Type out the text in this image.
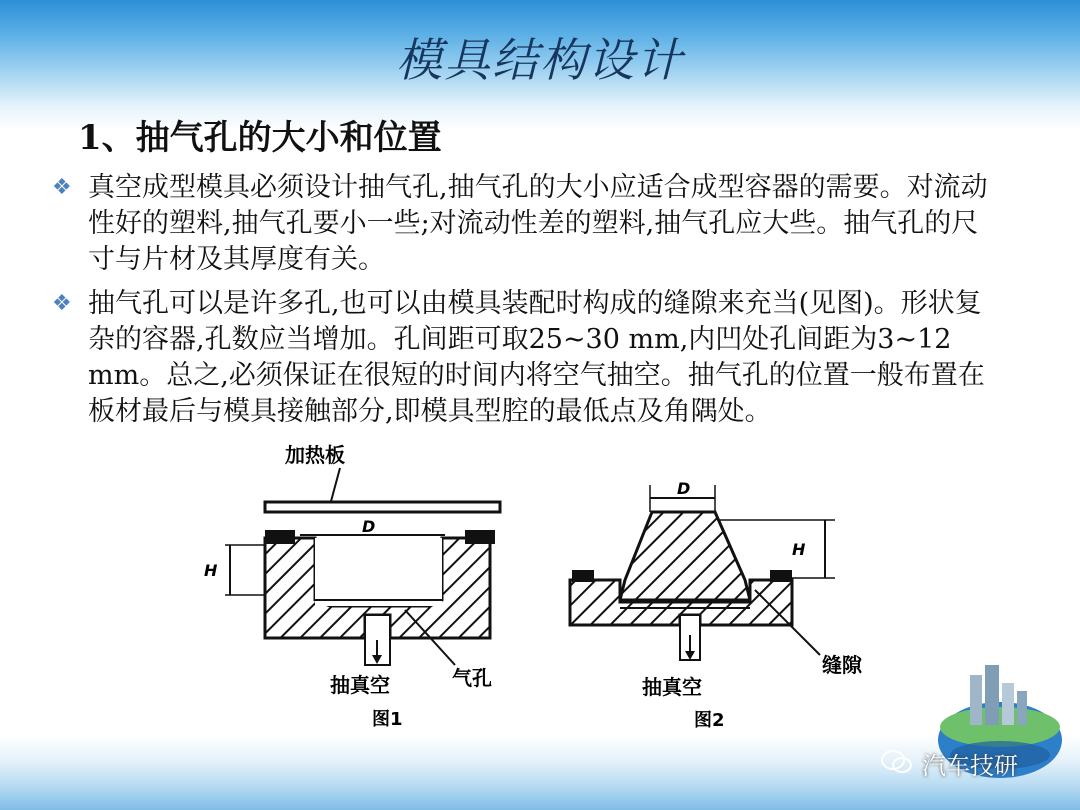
模具结构设计
1、抽气孔的大小和位置
❖ 真空成型模具必须设计抽气孔,抽气孔的大小应适合成型容器的需要。对流动性好的塑料,抽气孔要小一些;对流动性差的塑料,抽气孔应大些。抽气孔的尺寸与片材及其厚度有关。
❖ 抽气孔可以是许多孔,也可以由模具装配时构成的缝隙来充当(见图)。形状复杂的容器,孔数应当增加。孔间距可取25~30 mm,内凹处孔间距为3~12 mm。总之,必须保证在很短的时间内将空气抽空。抽气孔的位置一般布置在板材最后与模具接触部分,即模具型腔的最低点及角隅处。
加热板
D
H
气孔
抽真空
图1
D
H
缝隙
抽真空
图2
汽车技研
